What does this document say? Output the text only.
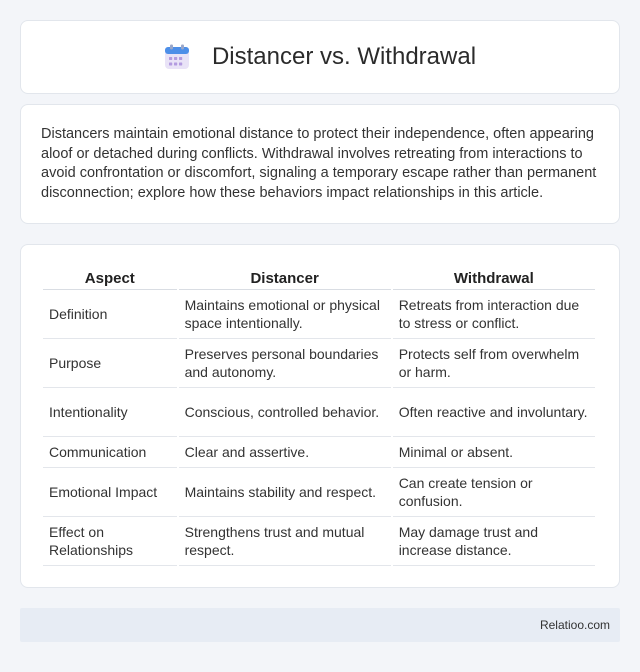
Distancer vs. Withdrawal

Distancers maintain emotional distance to protect their independence, often appearing aloof or detached during conflicts. Withdrawal involves retreating from interactions to avoid confrontation or discomfort, signaling a temporary escape rather than permanent disconnection; explore how these behaviors impact relationships in this article.

Aspect	Distancer	Withdrawal
Definition	Maintains emotional or physical space intentionally.	Retreats from interaction due to stress or conflict.
Purpose	Preserves personal boundaries and autonomy.	Protects self from overwhelm or harm.
Intentionality	Conscious, controlled behavior.	Often reactive and involuntary.
Communication	Clear and assertive.	Minimal or absent.
Emotional Impact	Maintains stability and respect.	Can create tension or confusion.
Effect on Relationships	Strengthens trust and mutual respect.	May damage trust and increase distance.
Relatioo.com
